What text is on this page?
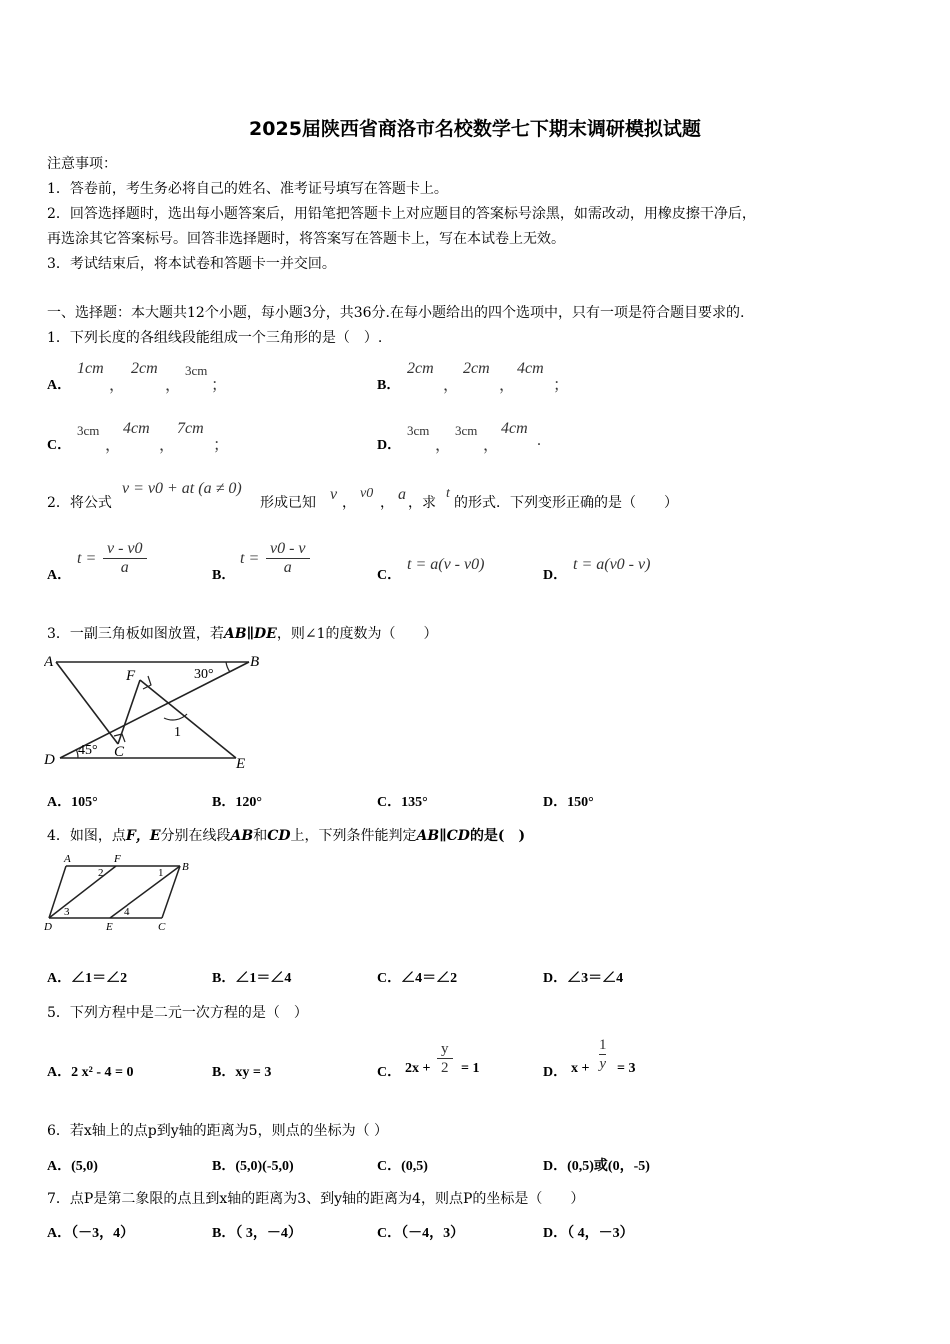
2025届陕西省商洛市名校数学七下期末调研模拟试题
注意事项：
1．答卷前，考生务必将自己的姓名、准考证号填写在答题卡上。
2．回答选择题时，选出每小题答案后，用铅笔把答题卡上对应题目的答案标号涂黑，如需改动，用橡皮擦干净后，
再选涂其它答案标号。回答非选择题时，将答案写在答题卡上，写在本试卷上无效。
3．考试结束后，将本试卷和答题卡一并交回。
一、选择题：本大题共12个小题，每小题3分，共36分.在每小题给出的四个选项中，只有一项是符合题目要求的.
1．下列长度的各组线段能组成一个三角形的是（　）.
A．
1cm
，
2cm
，
3cm
；	B．
2cm
，
2cm
，
4cm
；
C．
3cm
，
4cm
，
7cm
；	D．
3cm
，
3cm
，
4cm
.
2．将公式
v = v0 + at (a ≠ 0)
形成已知 v ，
v0
， a ，求
t
的形式．下列变形正确的是（　　）
A．
$t = \frac{v - v0}{a}$	B．
$t = \frac{v0 - v}{a}$	C．
t = a(v - v0)
D．
t = a(v0 - v)
3．一副三角板如图放置，若AB∥DE，则∠1的度数为（　　）
A	B
F
C
D	E
30°
45°
1
A．105°	B．120°	C．135°	D．150°
4．如图，点F，E分别在线段AB和CD上，下列条件能判定AB∥CD的是(　)
A	F
B
D	E	C
1
2
3	4
A．∠1＝∠2	B．∠1＝∠4	C．∠4＝∠2	D．∠3＝∠4
5．下列方程中是二元一次方程的是（　）
A．2 x² - 4 = 0	B．xy = 3	C． $2x + \frac{y}{2} = 1$	D． $x + \frac{1}{y} = 3$
6．若x轴上的点p到y轴的距离为5，则点的坐标为（ ）
A．(5,0)	B．(5,0)(-5,0)	C．(0,5)	D．(0,5)或(0，-5)
7．点P是第二象限的点且到x轴的距离为3、到y轴的距离为4，则点P的坐标是（　　）
A．（－3，4）	B．（ 3，－4）	C．（－4，3）	D．（ 4，－3）
